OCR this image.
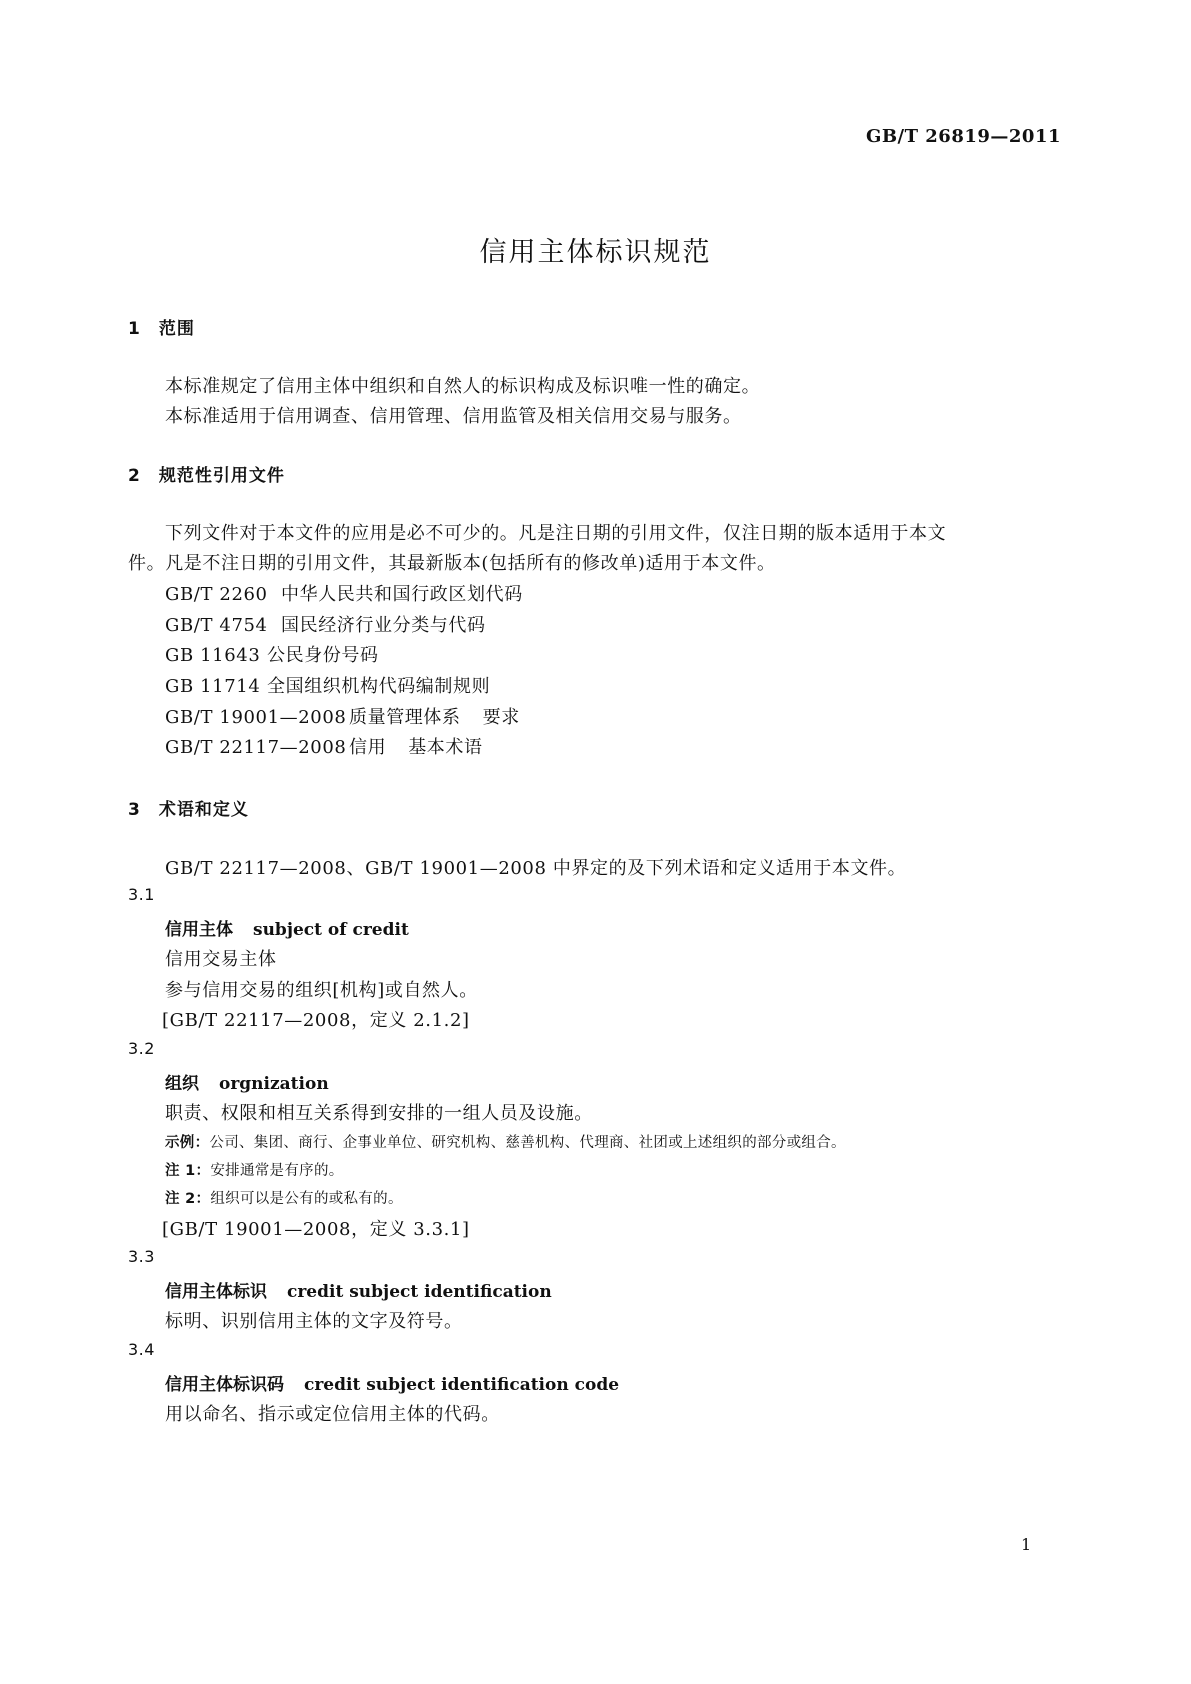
GB/T 26819—2011
信用主体标识规范
1 范围
本标准规定了信用主体中组织和自然人的标识构成及标识唯一性的确定。
本标准适用于信用调查、信用管理、信用监管及相关信用交易与服务。
2 规范性引用文件
下列文件对于本文件的应用是必不可少的。凡是注日期的引用文件，仅注日期的版本适用于本文
件。凡是不注日期的引用文件，其最新版本(包括所有的修改单)适用于本文件。
GB/T 2260 中华人民共和国行政区划代码
GB/T 4754 国民经济行业分类与代码
GB 11643 公民身份号码
GB 11714 全国组织机构代码编制规则
GB/T 19001—2008 质量管理体系 要求
GB/T 22117—2008 信用 基本术语
3 术语和定义
GB/T 22117—2008、GB/T 19001—2008 中界定的及下列术语和定义适用于本文件。
3.1
信用主体 subject of credit
信用交易主体
参与信用交易的组织[机构]或自然人。
[GB/T 22117—2008，定义 2.1.2]
3.2
组织 orgnization
职责、权限和相互关系得到安排的一组人员及设施。
示例：公司、集团、商行、企事业单位、研究机构、慈善机构、代理商、社团或上述组织的部分或组合。
注 1：安排通常是有序的。
注 2：组织可以是公有的或私有的。
[GB/T 19001—2008，定义 3.3.1]
3.3
信用主体标识 credit subject identification
标明、识别信用主体的文字及符号。
3.4
信用主体标识码 credit subject identification code
用以命名、指示或定位信用主体的代码。
1
